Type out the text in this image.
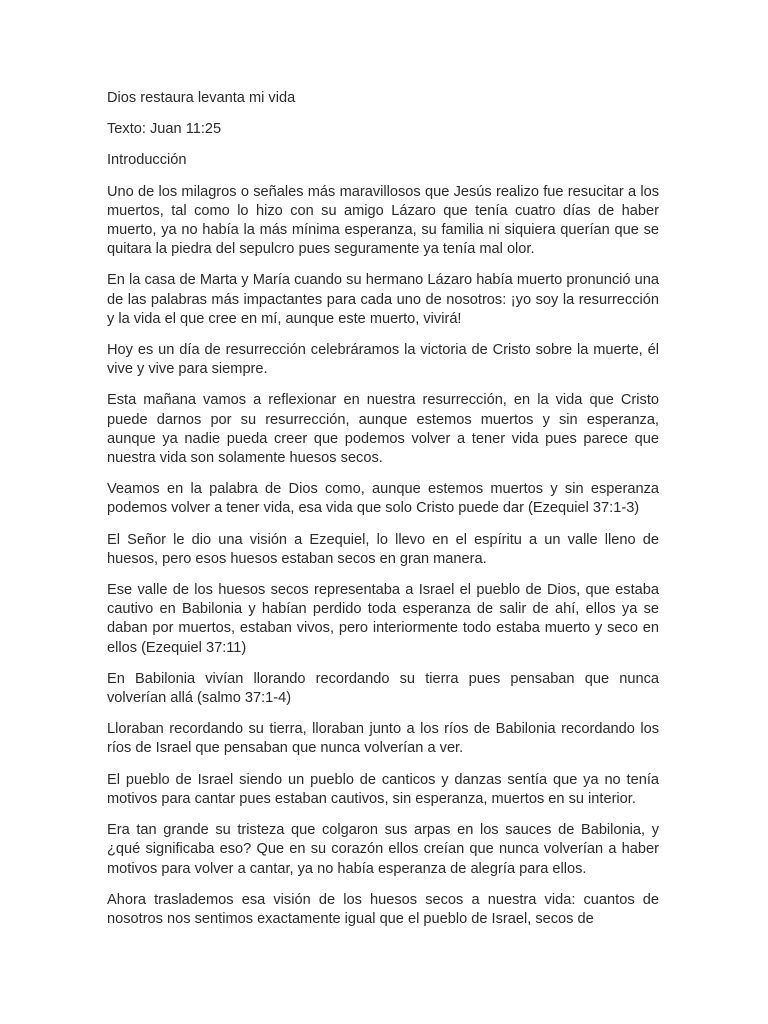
Dios restaura levanta mi vida

Texto: Juan 11:25

Introducción

Uno de los milagros o señales más maravillosos que Jesús realizo fue resucitar a los muertos, tal como lo hizo con su amigo Lázaro que tenía cuatro días de haber muerto, ya no había la más mínima esperanza, su familia ni siquiera querían que se quitara la piedra del sepulcro pues seguramente ya tenía mal olor.

En la casa de Marta y María cuando su hermano Lázaro había muerto pronunció una de las palabras más impactantes para cada uno de nosotros: ¡yo soy la resurrección y la vida el que cree en mí, aunque este muerto, vivirá!

Hoy es un día de resurrección celebráramos la victoria de Cristo sobre la muerte, él vive y vive para siempre.

Esta mañana vamos a reflexionar en nuestra resurrección, en la vida que Cristo puede darnos por su resurrección, aunque estemos muertos y sin esperanza, aunque ya nadie pueda creer que podemos volver a tener vida pues parece que nuestra vida son solamente huesos secos.

Veamos en la palabra de Dios como, aunque estemos muertos y sin esperanza podemos volver a tener vida, esa vida que solo Cristo puede dar (Ezequiel 37:1-3)

El Señor le dio una visión a Ezequiel, lo llevo en el espíritu a un valle lleno de huesos, pero esos huesos estaban secos en gran manera.

Ese valle de los huesos secos representaba a Israel el pueblo de Dios, que estaba cautivo en Babilonia y habían perdido toda esperanza de salir de ahí, ellos ya se daban por muertos, estaban vivos, pero interiormente todo estaba muerto y seco en ellos (Ezequiel 37:11)

En Babilonia vivían llorando recordando su tierra pues pensaban que nunca volverían allá (salmo 37:1-4)

Lloraban recordando su tierra, lloraban junto a los ríos de Babilonia recordando los ríos de Israel que pensaban que nunca volverían a ver.

El pueblo de Israel siendo un pueblo de canticos y danzas sentía que ya no tenía motivos para cantar pues estaban cautivos, sin esperanza, muertos en su interior.

Era tan grande su tristeza que colgaron sus arpas en los sauces de Babilonia, y ¿qué significaba eso? Que en su corazón ellos creían que nunca volverían a haber motivos para volver a cantar, ya no había esperanza de alegría para ellos.

Ahora traslademos esa visión de los huesos secos a nuestra vida: cuantos de nosotros nos sentimos exactamente igual que el pueblo de Israel, secos de
